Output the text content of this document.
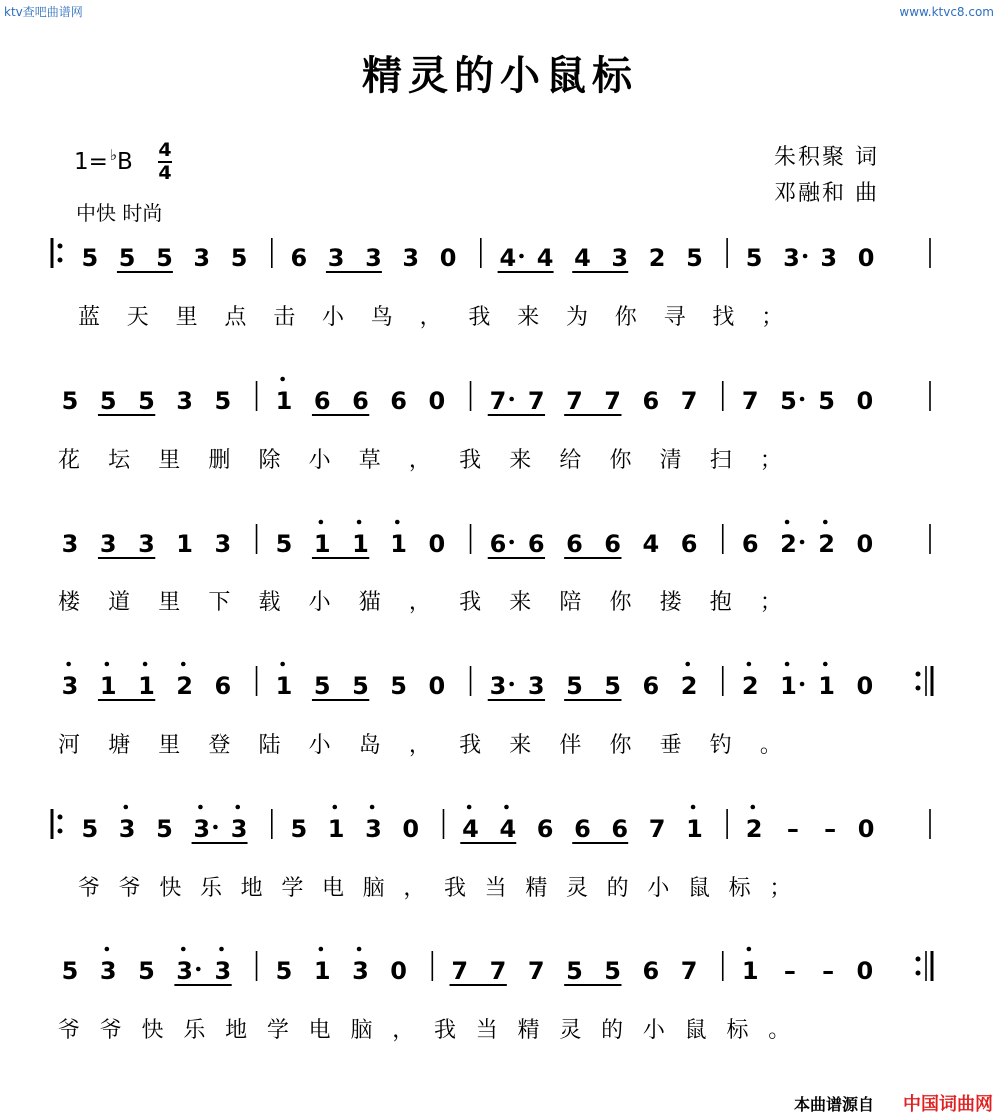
ktv查吧曲谱网	www.ktvc8.com
精灵的小鼠标
1= ♭B 4
4
中快 时尚
朱积聚 词
邓融和 曲
5 5 5 3 5 6 3 3 3 0 4 4 4 3 2 5 5 3 3 0
蓝 天 里 点 击 小 鸟 ， 我 来 为 你 寻 找 ；
5 5 5 3 5 1 6 6 6 0 7 7 7 7 6 7 7 5 5 0
花 坛 里 删 除 小 草 ， 我 来 给 你 清 扫 ；
3 3 3 1 3 5 1 1 1 0 6 6 6 6 4 6 6 2 2 0
楼 道 里 下 载 小 猫 ， 我 来 陪 你 搂 抱 ；
3 1 1 2 6 1 5 5 5 0 3 3 5 5 6 2 2 1 1 0
河 塘 里 登 陆 小 岛 ， 我 来 伴 你 垂 钓 。
5 3 5 3 3 5 1 3 0 4 4 6 6 6 7 1 2 – – 0
爷 爷 快 乐 地 学 电 脑 ， 我 当 精 灵 的 小 鼠 标 ；
5 3 5 3 3 5 1 3 0 7 7 7 5 5 6 7 1 – – 0
爷 爷 快 乐 地 学 电 脑 ， 我 当 精 灵 的 小 鼠 标 。
本曲谱源自 中国词曲网
